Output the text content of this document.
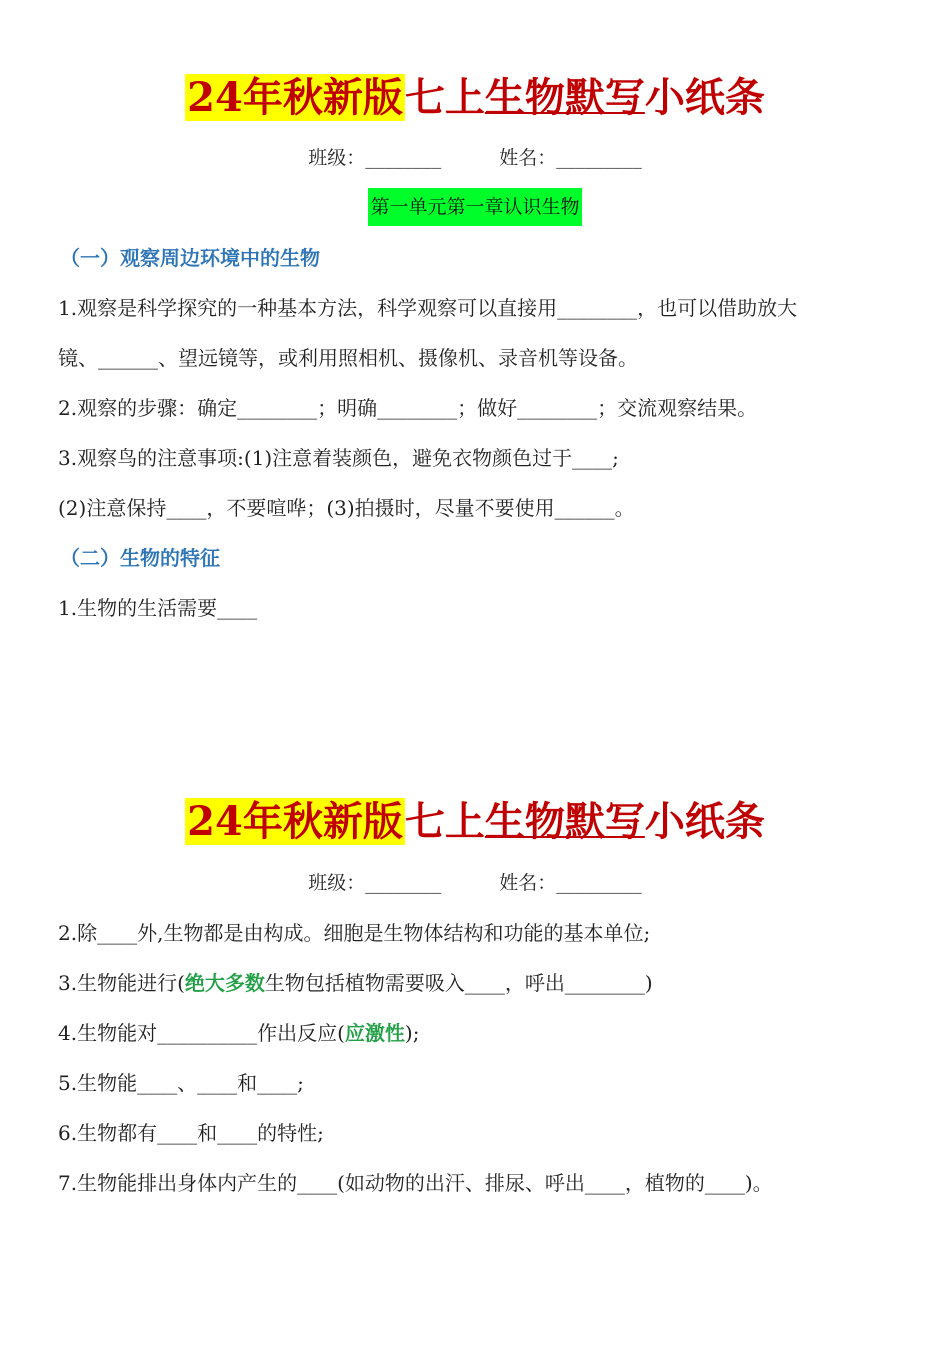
24年秋新版七上生物默写小纸条
班级：________	姓名：_________
第一单元第一章认识生物
（一）观察周边环境中的生物
1.观察是科学探究的一种基本方法，科学观察可以直接用________，也可以借助放大
镜、______、望远镜等，或利用照相机、摄像机、录音机等设备。
2.观察的步骤：确定________；明确________；做好________；交流观察结果。
3.观察鸟的注意事项:(1)注意着装颜色，避免衣物颜色过于____;
(2)注意保持____，不要喧哗；(3)拍摄时，尽量不要使用______。
（二）生物的特征
1.生物的生活需要____
24年秋新版七上生物默写小纸条
班级：________	姓名：_________
2.除____外,生物都是由构成。细胞是生物体结构和功能的基本单位;
3.生物能进行(绝大多数生物包括植物需要吸入____，呼出________)
4.生物能对__________作出反应(应激性);
5.生物能____、____和____;
6.生物都有____和____的特性;
7.生物能排出身体内产生的____(如动物的出汗、排尿、呼出____，植物的____)。
